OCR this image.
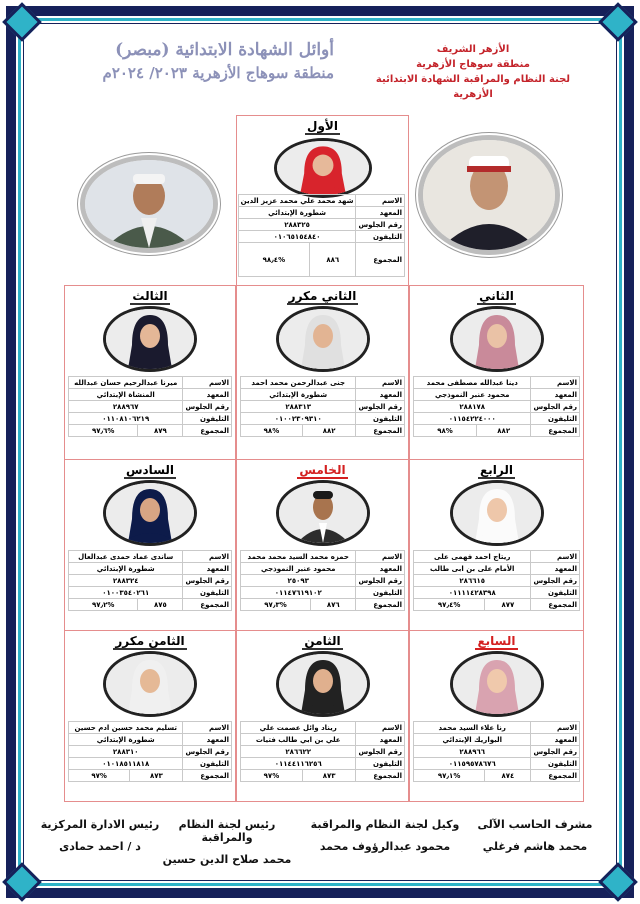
أوائل الشهادة الابتدائية (مبصر)
منطقة سوهاج الأزهرية ٢٠٢٣/ ٢٠٢٤م
الأزهر الشريف
منطقة سوهاج الأزهرية
لجنة النظام والمراقبة الشهادة الابتدائية الأزهرية
الأول
الاسم	شهد محمد علي محمد عزيز الدين	
المعهد	شطورة الإبتدائي	
رقم الجلوس	٢٨٨٣٢٥	
التليفون	٠١٠٦٥١٥٤٨٤٠	
المجموع	٨٨٦	%٩٨٫٤
الثاني
الاسم	دينا عبدالله مصطفى محمد	
المعهد	محمود عنبر النموذجي	
رقم الجلوس	٢٨٨١٧٨	
التليفون	٠١١٥٤٢٢٤٠٠٠	
المجموع	٨٨٢	%٩٨
الثاني مكرر
الاسم	جنى عبدالرحمن محمد احمد	
المعهد	شطورة الإبتدائي	
رقم الجلوس	٢٨٨٣١٣	
التليفون	٠١٠٠٢٣٠٩٣١٠	
المجموع	٨٨٢	%٩٨
الثالث
الاسم	ميرنا عبدالرحيم حسان عبدالله	
المعهد	المنشاة الإبتدائي	
رقم الجلوس	٢٨٨٩٦٧	
التليفون	٠١١٠٨١٠٦٢١٩	
المجموع	٨٧٩	%٩٧٫٦
الرابع
الاسم	ريتاج احمد فهمى على	
المعهد	الأمام على بن ابى طالب	
رقم الجلوس	٢٨٦٦١٥	
التليفون	٠١١١١٤٢٨٣٩٨	
المجموع	٨٧٧	%٩٧٫٤
الخامس
الاسم	حمزه محمد السيد محمد محمد	
المعهد	محمود عنبر النموذجي	
رقم الجلوس	٢٥٠٩٣	
التليفون	٠١١٤٧٦١٩١٠٢	
المجموع	٨٧٦	%٩٧٫٣
السادس
الاسم	ساندى عماد حمدى عبدالعال	
المعهد	شطورة الإبتدائي	
رقم الجلوس	٢٨٨٣٢٤	
التليفون	٠١٠٠٣٥٤٠٢٦١	
المجموع	٨٧٥	%٩٧٫٢
السابع
الاسم	رنا علاء السيد محمد	
المعهد	البواريك الإبتدائي	
رقم الجلوس	٢٨٨٩٦٦	
التليفون	٠١١٥٩٥٧٨٦٧٦	
المجموع	٨٧٤	%٩٧٫١
الثامن
الاسم	ريناد وائل عصمت علي	
المعهد	علي بن ابي طالب فتيات	
رقم الجلوس	٢٨٦٦٢٢	
التليفون	٠١١٤٤١١٦٢٥٦	
المجموع	٨٧٣	%٩٧
الثامن مكرر
الاسم	تسليم محمد حسين ادم حسين	
المعهد	شطورة الإبتدائي	
رقم الجلوس	٢٨٨٣١٠	
التليفون	٠١٠١٨٥١١٨١٨	
المجموع	٨٧٣	%٩٧
مشرف الحاسب الآلى
محمد هاشم فرغلي
وكيل لجنة النظام والمراقبة
محمود عبدالرؤوف محمد
رئيس لجنة النظام والمراقبة
محمد صلاح الدين حسين
رئيس الادارة المركزية
د / احمد حمادى
